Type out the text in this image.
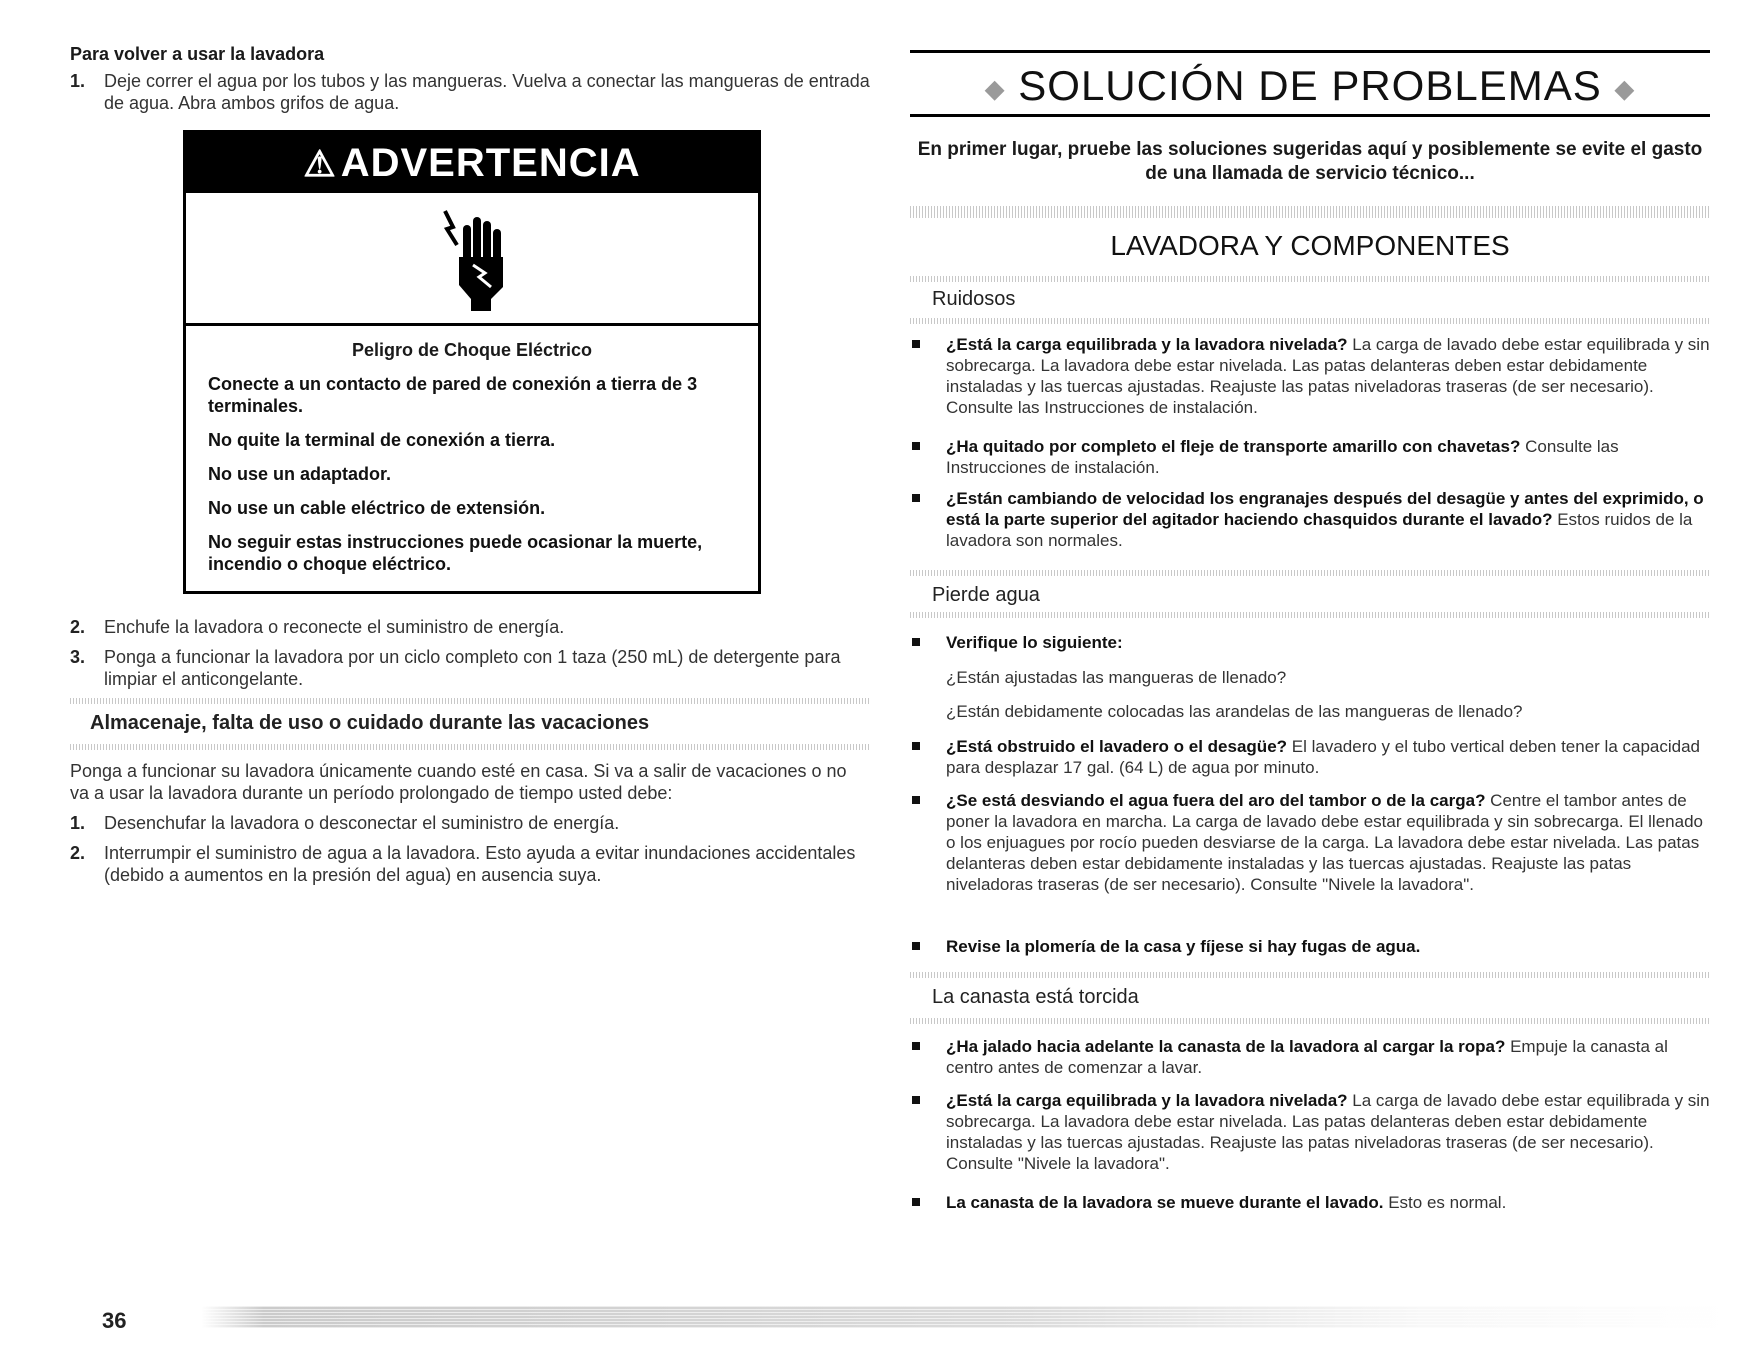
Para volver a usar la lavadora
1. Deje correr el agua por los tubos y las mangueras. Vuelva a conectar las mangueras de entrada de agua. Abra ambos grifos de agua.
⚠ ADVERTENCIA
Peligro de Choque Eléctrico
Conecte a un contacto de pared de conexión a tierra de 3 terminales.
No quite la terminal de conexión a tierra.
No use un adaptador.
No use un cable eléctrico de extensión.
No seguir estas instrucciones puede ocasionar la muerte, incendio o choque eléctrico.
2. Enchufe la lavadora o reconecte el suministro de energía.
3. Ponga a funcionar la lavadora por un ciclo completo con 1 taza (250 mL) de detergente para limpiar el anticongelante.
Almacenaje, falta de uso o cuidado durante las vacaciones
Ponga a funcionar su lavadora únicamente cuando esté en casa. Si va a salir de vacaciones o no va a usar la lavadora durante un período prolongado de tiempo usted debe:
1. Desenchufar la lavadora o desconectar el suministro de energía.
2. Interrumpir el suministro de agua a la lavadora. Esto ayuda a evitar inundaciones accidentales (debido a aumentos en la presión del agua) en ausencia suya.
◆ SOLUCIÓN DE PROBLEMAS ◆
En primer lugar, pruebe las soluciones sugeridas aquí y posiblemente se evite el gasto de una llamada de servicio técnico...
LAVADORA Y COMPONENTES
Ruidosos
¿Está la carga equilibrada y la lavadora nivelada? La carga de lavado debe estar equilibrada y sin sobrecarga. La lavadora debe estar nivelada. Las patas delanteras deben estar debidamente instaladas y las tuercas ajustadas. Reajuste las patas niveladoras traseras (de ser necesario). Consulte las Instrucciones de instalación.
¿Ha quitado por completo el fleje de transporte amarillo con chavetas? Consulte las Instrucciones de instalación.
¿Están cambiando de velocidad los engranajes después del desagüe y antes del exprimido, o está la parte superior del agitador haciendo chasquidos durante el lavado? Estos ruidos de la lavadora son normales.
Pierde agua
Verifique lo siguiente:
¿Están ajustadas las mangueras de llenado?
¿Están debidamente colocadas las arandelas de las mangueras de llenado?
¿Está obstruido el lavadero o el desagüe? El lavadero y el tubo vertical deben tener la capacidad para desplazar 17 gal. (64 L) de agua por minuto.
¿Se está desviando el agua fuera del aro del tambor o de la carga? Centre el tambor antes de poner la lavadora en marcha. La carga de lavado debe estar equilibrada y sin sobrecarga. El llenado o los enjuagues por rocío pueden desviarse de la carga. La lavadora debe estar nivelada. Las patas delanteras deben estar debidamente instaladas y las tuercas ajustadas. Reajuste las patas niveladoras traseras (de ser necesario). Consulte "Nivele la lavadora".
Revise la plomería de la casa y fíjese si hay fugas de agua.
La canasta está torcida
¿Ha jalado hacia adelante la canasta de la lavadora al cargar la ropa? Empuje la canasta al centro antes de comenzar a lavar.
¿Está la carga equilibrada y la lavadora nivelada? La carga de lavado debe estar equilibrada y sin sobrecarga. La lavadora debe estar nivelada. Las patas delanteras deben estar debidamente instaladas y las tuercas ajustadas. Reajuste las patas niveladoras traseras (de ser necesario). Consulte "Nivele la lavadora".
La canasta de la lavadora se mueve durante el lavado. Esto es normal.
36
